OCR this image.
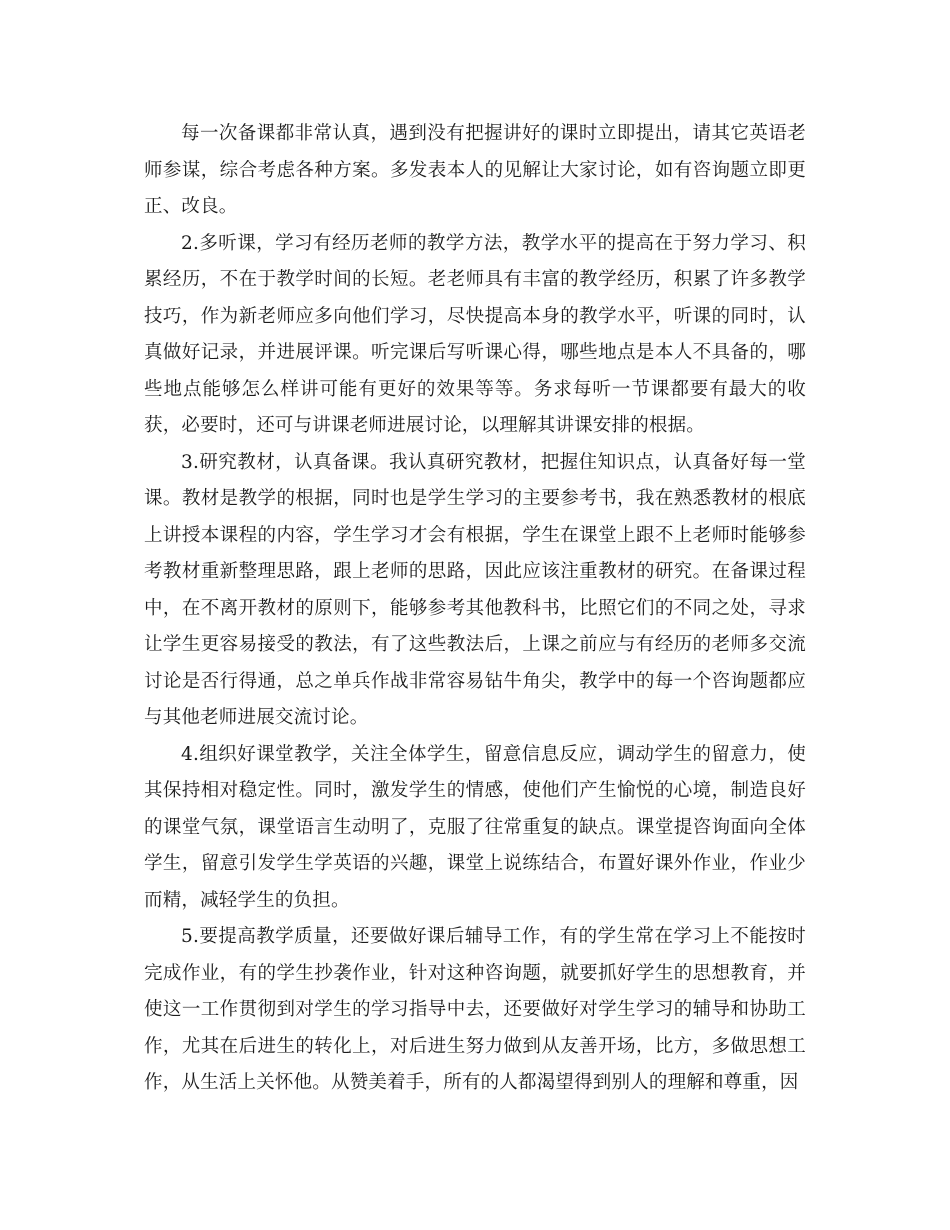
每一次备课都非常认真，遇到没有把握讲好的课时立即提出，请其它英语老师参谋，综合考虑各种方案。多发表本人的见解让大家讨论，如有咨询题立即更正、改良。

2.多听课，学习有经历老师的教学方法，教学水平的提高在于努力学习、积累经历，不在于教学时间的长短。老老师具有丰富的教学经历，积累了许多教学技巧，作为新老师应多向他们学习，尽快提高本身的教学水平，听课的同时，认真做好记录，并进展评课。听完课后写听课心得，哪些地点是本人不具备的，哪些地点能够怎么样讲可能有更好的效果等等。务求每听一节课都要有最大的收获，必要时，还可与讲课老师进展讨论，以理解其讲课安排的根据。

3.研究教材，认真备课。我认真研究教材，把握住知识点，认真备好每一堂课。教材是教学的根据，同时也是学生学习的主要参考书，我在熟悉教材的根底上讲授本课程的内容，学生学习才会有根据，学生在课堂上跟不上老师时能够参考教材重新整理思路，跟上老师的思路，因此应该注重教材的研究。在备课过程中，在不离开教材的原则下，能够参考其他教科书，比照它们的不同之处，寻求让学生更容易接受的教法，有了这些教法后，上课之前应与有经历的老师多交流讨论是否行得通，总之单兵作战非常容易钻牛角尖，教学中的每一个咨询题都应与其他老师进展交流讨论。

4.组织好课堂教学，关注全体学生，留意信息反应，调动学生的留意力，使其保持相对稳定性。同时，激发学生的情感，使他们产生愉悦的心境，制造良好的课堂气氛，课堂语言生动明了，克服了往常重复的缺点。课堂提咨询面向全体学生，留意引发学生学英语的兴趣，课堂上说练结合，布置好课外作业，作业少而精，减轻学生的负担。

5.要提高教学质量，还要做好课后辅导工作，有的学生常在学习上不能按时完成作业，有的学生抄袭作业，针对这种咨询题，就要抓好学生的思想教育，并使这一工作贯彻到对学生的学习指导中去，还要做好对学生学习的辅导和协助工作，尤其在后进生的转化上，对后进生努力做到从友善开场，比方，多做思想工作，从生活上关怀他。从赞美着手，所有的人都渴望得到别人的理解和尊重，因
